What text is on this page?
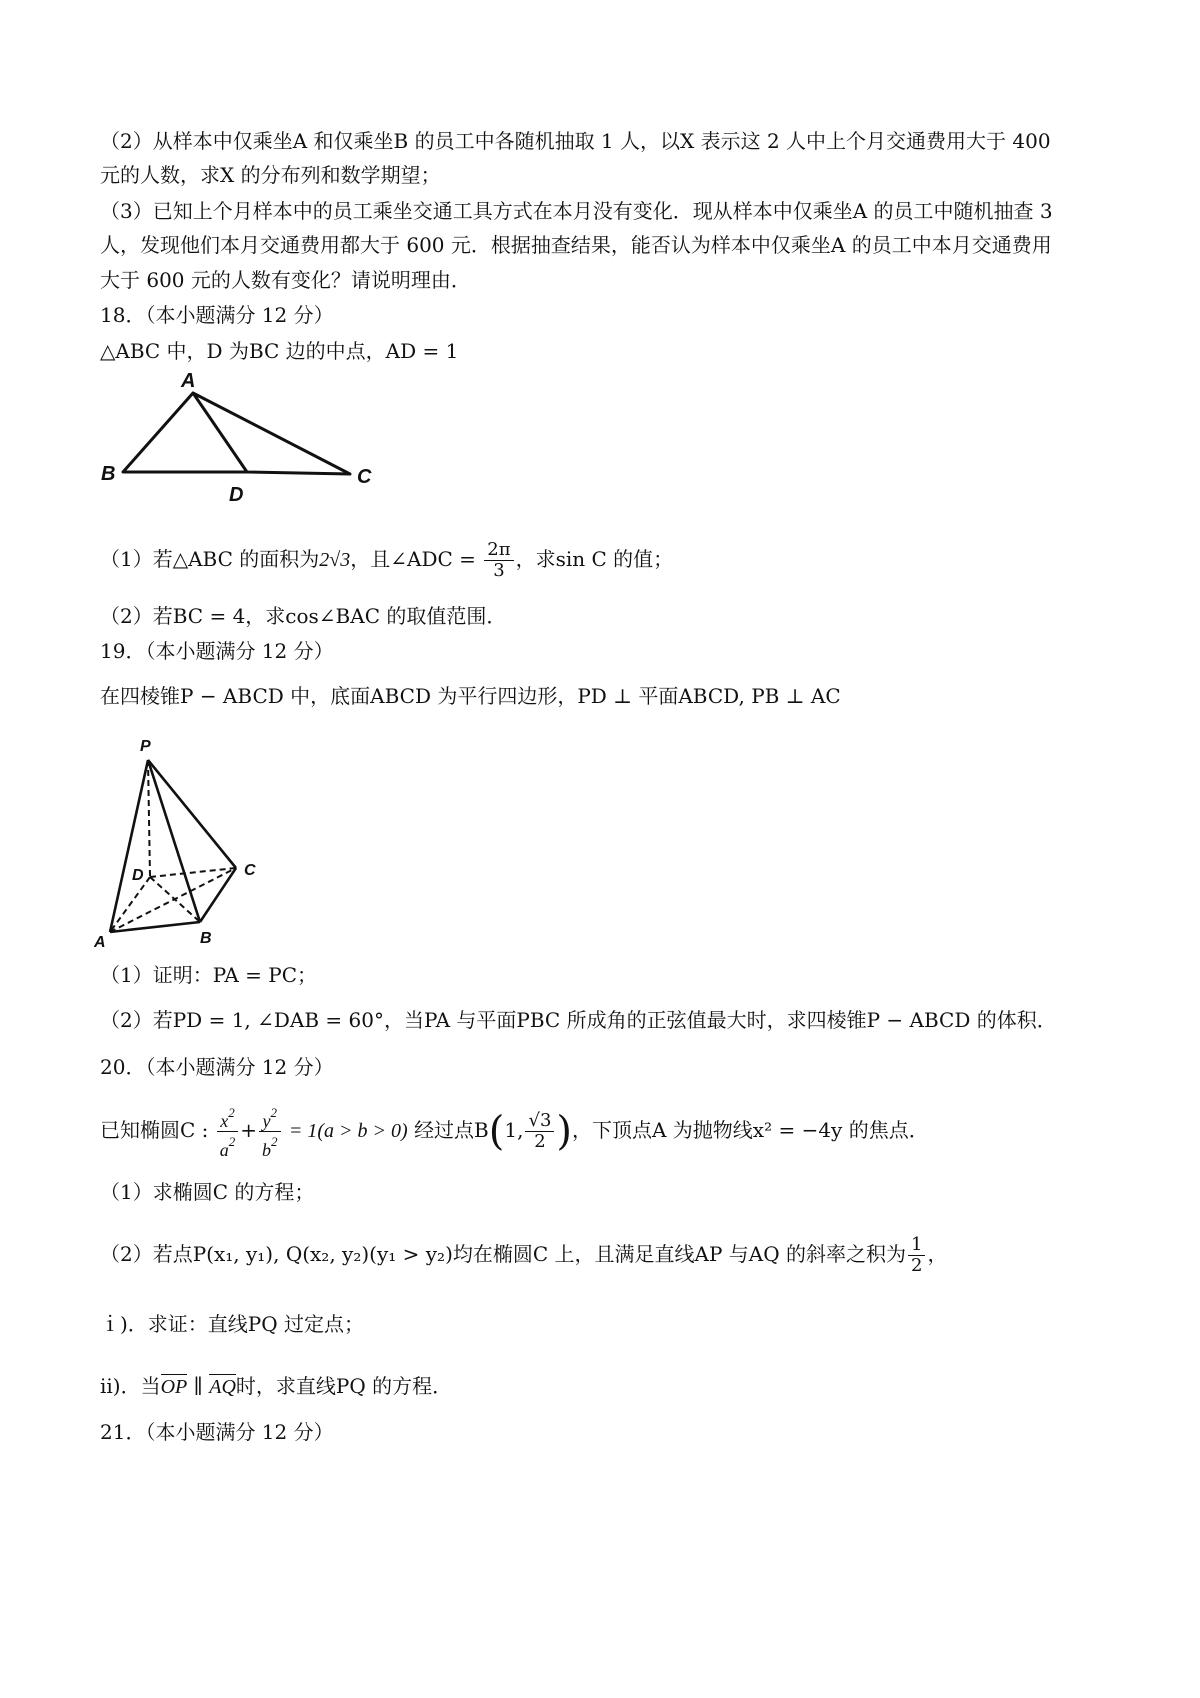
（2）从样本中仅乘坐A 和仅乘坐B 的员工中各随机抽取 1 人，以X 表示这 2 人中上个月交通费用大于 400
元的人数，求X 的分布列和数学期望；
（3）已知上个月样本中的员工乘坐交通工具方式在本月没有变化．现从样本中仅乘坐A 的员工中随机抽查 3
人，发现他们本月交通费用都大于 600 元．根据抽查结果，能否认为样本中仅乘坐A 的员工中本月交通费用
大于 600 元的人数有变化？请说明理由．
18．（本小题满分 12 分）
△ABC 中，D 为BC 边的中点，AD = 1
A
B
D
C
（1）若△ABC 的面积为2√3，且∠ADC = $\frac{2\pi}{3}$ ，求sin C 的值；
（2）若BC = 4，求cos∠BAC 的取值范围．
19．（本小题满分 12 分）
在四棱锥P − ABCD 中，底面ABCD 为平行四边形，PD ⊥ 平面ABCD, PB ⊥ AC
P
D	C
A	B
（1）证明：PA = PC；
（2）若PD = 1, ∠DAB = 60°，当PA 与平面PBC 所成角的正弦值最大时，求四棱锥P − ABCD 的体积．
20．（本小题满分 12 分）
已知椭圆C : $\frac{x^2}{a^2} + \frac{y^2}{b^2} = 1(a > b > 0)$ 经过点B(1, $\frac{√3}{2}$ )，下顶点A 为抛物线x² = −4y 的焦点．
（1）求椭圆C 的方程；
（2）若点P(x₁, y₁), Q(x₂, y₂)(y₁ > y₂)均在椭圆C 上，且满足直线AP 与AQ 的斜率之积为 $\frac{1}{2}$ ，
ｉ)．求证：直线PQ 过定点；
ii)．当OP ∥ AQ时，求直线PQ 的方程．
21．（本小题满分 12 分）
